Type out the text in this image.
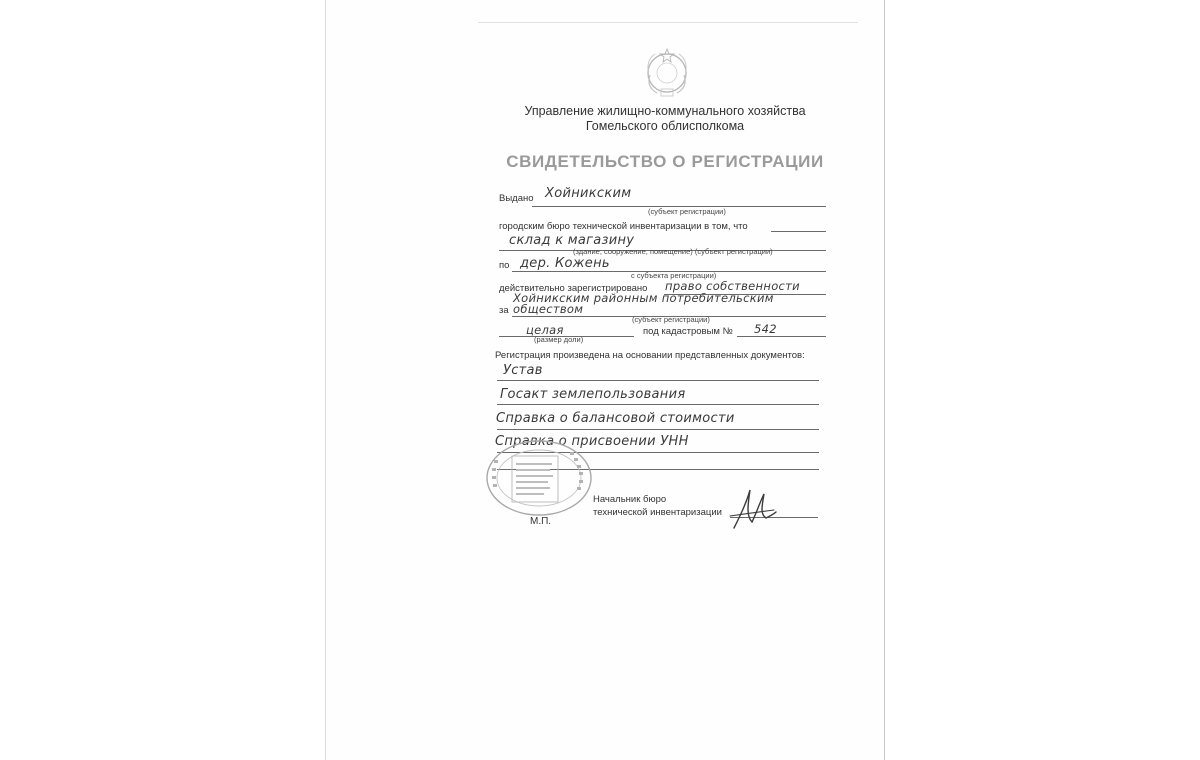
Управление жилищно-коммунального хозяйства
Гомельского облисполкома
СВИДЕТЕЛЬСТВО О РЕГИСТРАЦИИ
Выдано Хойникским
(субъект регистрации)
городским бюро технической инвентаризации в том, что
склад к магазину
(здание, сооружение, помещение) (субъект регистрации)
по дер. Кожень
с субъекта регистрации)
действительно зарегистрировано право собственности
Хойникским районным потребительским
за обществом
(субъект регистрации)
целая
(размер доли)
под кадастровым № 542
Регистрация произведена на основании представленных документов:
Устав
Госакт землепользования
Справка о балансовой стоимости
Справка о присвоении УНН
Начальник бюро
технической инвентаризации
М.П.
